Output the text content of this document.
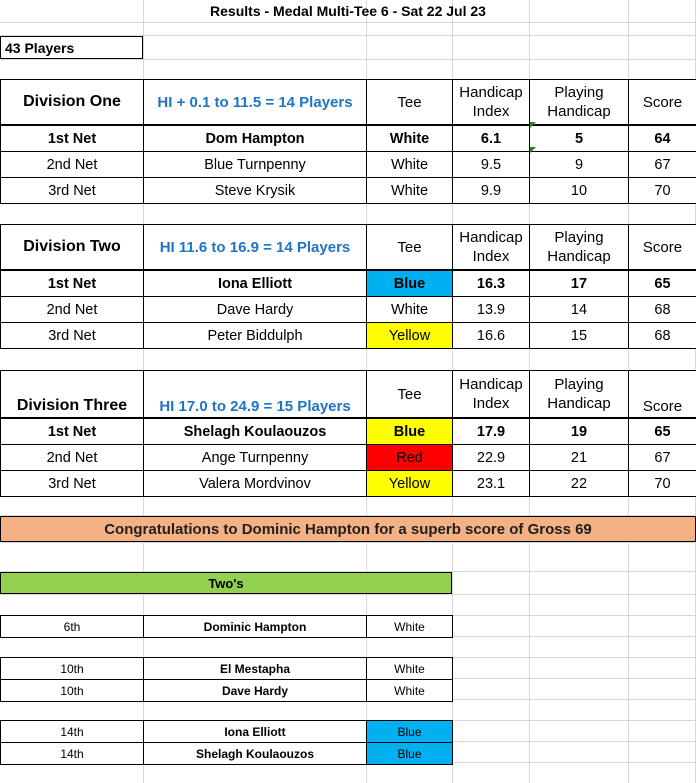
Results - Medal Multi-Tee 6 - Sat 22 Jul 23
43 Players
Division One	HI + 0.1 to 11.5 = 14 Players	Tee	Handicap Index	Playing Handicap	Score
1st Net	Dom Hampton	White	6.1	5	64
2nd Net	Blue Turnpenny	White	9.5	9	67
3rd Net	Steve Krysik	White	9.9	10	70
Division Two	HI 11.6 to 16.9 = 14 Players	Tee	Handicap Index	Playing Handicap	Score
1st Net	Iona Elliott	Blue	16.3	17	65
2nd Net	Dave Hardy	White	13.9	14	68
3rd Net	Peter Biddulph	Yellow	16.6	15	68
Division Three	HI 17.0 to 24.9 = 15 Players	Tee	Handicap Index	Playing Handicap	Score
1st Net	Shelagh Koulaouzos	Blue	17.9	19	65
2nd Net	Ange Turnpenny	Red	22.9	21	67
3rd Net	Valera Mordvinov	Yellow	23.1	22	70
Congratulations to Dominic Hampton for a superb score of Gross 69
Two's
6th	Dominic Hampton	White
10th	El Mestapha	White
10th	Dave Hardy	White
14th	Iona Elliott	Blue
14th	Shelagh Koulaouzos	Blue
